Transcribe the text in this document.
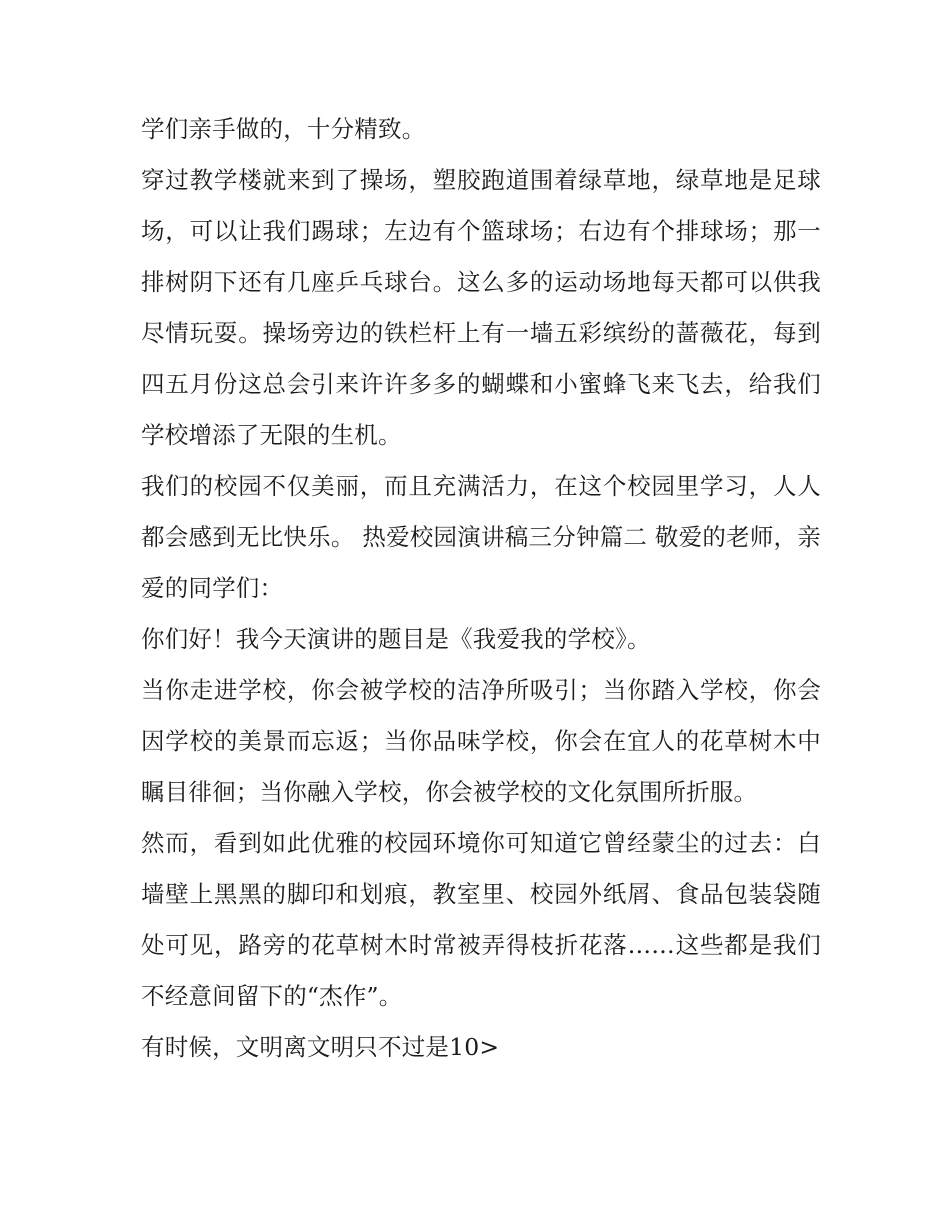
学们亲手做的，十分精致。

穿过教学楼就来到了操场，塑胶跑道围着绿草地，绿草地是足球场，可以让我们踢球；左边有个篮球场；右边有个排球场；那一排树阴下还有几座乒乓球台。这么多的运动场地每天都可以供我尽情玩耍。操场旁边的铁栏杆上有一墙五彩缤纷的蔷薇花，每到四五月份这总会引来许许多多的蝴蝶和小蜜蜂飞来飞去，给我们学校增添了无限的生机。

我们的校园不仅美丽，而且充满活力，在这个校园里学习，人人都会感到无比快乐。 热爱校园演讲稿三分钟篇二 敬爱的老师，亲爱的同学们：

你们好！我今天演讲的题目是《我爱我的学校》。

当你走进学校，你会被学校的洁净所吸引；当你踏入学校，你会因学校的美景而忘返；当你品味学校，你会在宜人的花草树木中瞩目徘徊；当你融入学校，你会被学校的文化氛围所折服。

然而，看到如此优雅的校园环境你可知道它曾经蒙尘的过去：白墙壁上黑黑的脚印和划痕，教室里、校园外纸屑、食品包装袋随处可见，路旁的花草树木时常被弄得枝折花落……这些都是我们不经意间留下的“杰作”。

有时候，文明离文明只不过是10>
